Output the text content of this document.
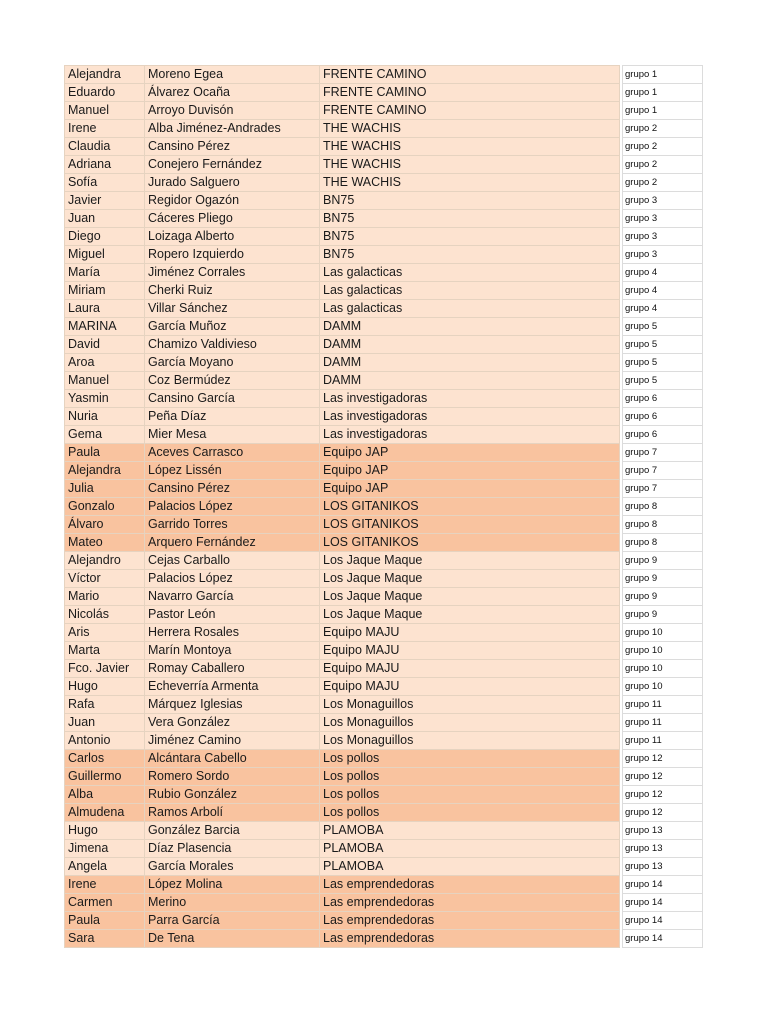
Alejandra	Moreno Egea	FRENTE CAMINO		grupo 1
Eduardo	Álvarez Ocaña	FRENTE CAMINO		grupo 1
Manuel	Arroyo Duvisón	FRENTE CAMINO		grupo 1
Irene	Alba Jiménez-Andrades	THE WACHIS		grupo 2
Claudia	Cansino Pérez	THE WACHIS		grupo 2
Adriana	Conejero Fernández	THE WACHIS		grupo 2
Sofía	Jurado Salguero	THE WACHIS		grupo 2
Javier	Regidor Ogazón	BN75		grupo 3
Juan	Cáceres Pliego	BN75		grupo 3
Diego	Loizaga Alberto	BN75		grupo 3
Miguel	Ropero Izquierdo	BN75		grupo 3
María	Jiménez Corrales	Las galacticas		grupo 4
Miriam	Cherki Ruiz	Las galacticas		grupo 4
Laura	Villar Sánchez	Las galacticas		grupo 4
MARINA	García Muñoz	DAMM		grupo 5
David	Chamizo Valdivieso	DAMM		grupo 5
Aroa	García Moyano	DAMM		grupo 5
Manuel	Coz Bermúdez	DAMM		grupo 5
Yasmin	Cansino García	Las investigadoras		grupo 6
Nuria	Peña Díaz	Las investigadoras		grupo 6
Gema	Mier Mesa	Las investigadoras		grupo 6
Paula	Aceves Carrasco	Equipo JAP		grupo 7
Alejandra	López Lissén	Equipo JAP		grupo 7
Julia	Cansino Pérez	Equipo JAP		grupo 7
Gonzalo	Palacios López	LOS GITANIKOS		grupo 8
Álvaro	Garrido Torres	LOS GITANIKOS		grupo 8
Mateo	Arquero Fernández	LOS GITANIKOS		grupo 8
Alejandro	Cejas Carballo	Los Jaque Maque		grupo 9
Víctor	Palacios López	Los Jaque Maque		grupo 9
Mario	Navarro García	Los Jaque Maque		grupo 9
Nicolás	Pastor León	Los Jaque Maque		grupo 9
Aris	Herrera Rosales	Equipo MAJU		grupo 10
Marta	Marín Montoya	Equipo MAJU		grupo 10
Fco. Javier	Romay Caballero	Equipo MAJU		grupo 10
Hugo	Echeverría Armenta	Equipo MAJU		grupo 10
Rafa	Márquez Iglesias	Los Monaguillos		grupo 11
Juan	Vera González	Los Monaguillos		grupo 11
Antonio	Jiménez Camino	Los Monaguillos		grupo 11
Carlos	Alcántara Cabello	Los pollos		grupo 12
Guillermo	Romero Sordo	Los pollos		grupo 12
Alba	Rubio González	Los pollos		grupo 12
Almudena	Ramos Arbolí	Los pollos		grupo 12
Hugo	González Barcia	PLAMOBA		grupo 13
Jimena	Díaz Plasencia	PLAMOBA		grupo 13
Angela	García Morales	PLAMOBA		grupo 13
Irene	López Molina	Las emprendedoras		grupo 14
Carmen	Merino	Las emprendedoras		grupo 14
Paula	Parra García	Las emprendedoras		grupo 14
Sara	De Tena	Las emprendedoras		grupo 14
